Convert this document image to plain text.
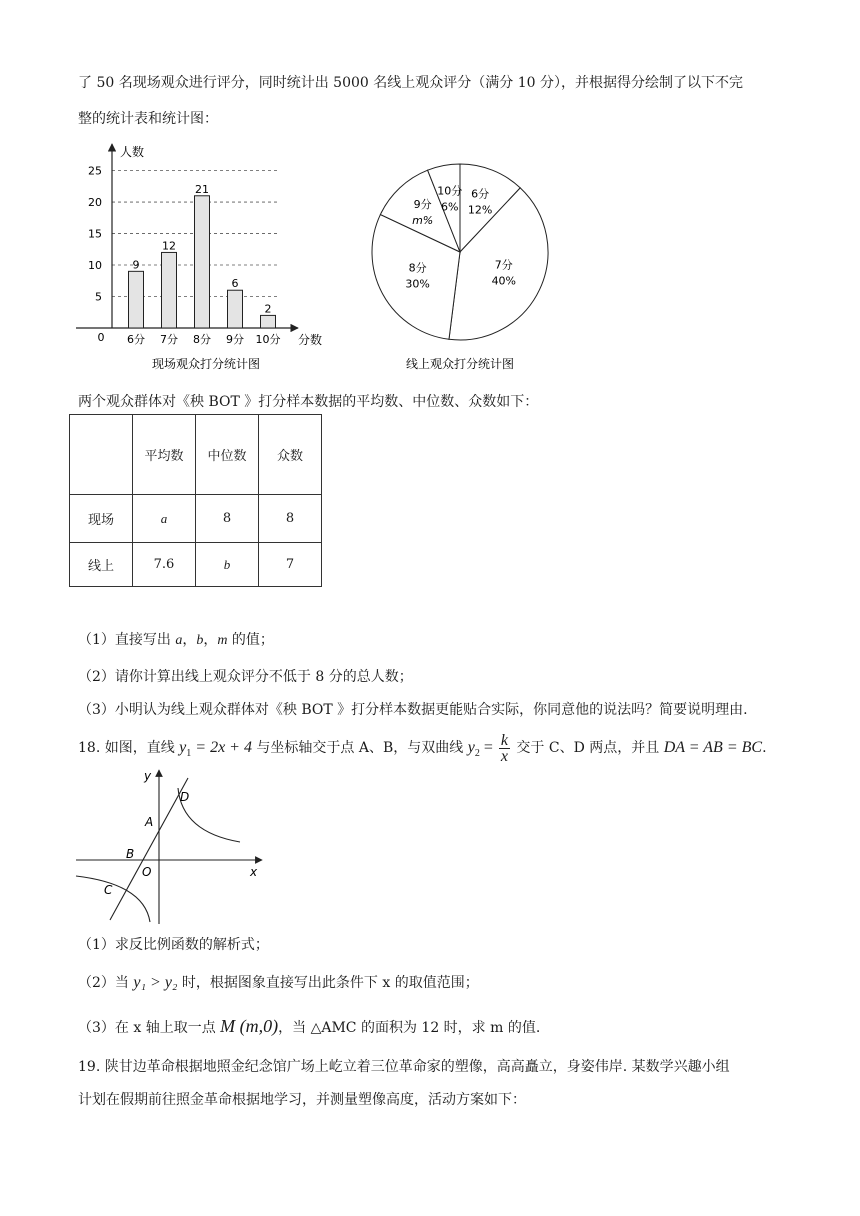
了 50 名现场观众进行评分，同时统计出 5000 名线上观众评分（满分 10 分），并根据得分绘制了以下不完
整的统计表和统计图：
人数
分数
0
5
10
15
20
25
9
12
21
6
2
6分 7分 8分 9分 10分
现场观众打分统计图
6分
12%
7分
40%
8分
30%
9分
m%
10分
6%
线上观众打分统计图
两个观众群体对《秧 BOT 》打分样本数据的平均数、中位数、众数如下：
	平均数	中位数	众数
现场	a	8	8
线上	7.6	b	7
（1）直接写出 a，b，m 的值；
（2）请你计算出线上观众评分不低于 8 分的总人数；
（3）小明认为线上观众群体对《秧 BOT 》打分样本数据更能贴合实际，你同意他的说法吗？简要说明理由.
18. 如图，直线 $y_1 = 2x + 4$ 与坐标轴交于点 A、B，与双曲线 $y_2 = \frac{k}{x}$ 交于 C、D 两点，并且 DA = AB = BC.
y
x
D
A
B
O
C
（1）求反比例函数的解析式；
（2）当 y₁ > y₂ 时，根据图象直接写出此条件下 x 的取值范围；
（3）在 x 轴上取一点 M (m,0)，当 △AMC 的面积为 12 时，求 m 的值.
19. 陕甘边革命根据地照金纪念馆广场上屹立着三位革命家的塑像，高高矗立，身姿伟岸. 某数学兴趣小组
计划在假期前往照金革命根据地学习，并测量塑像高度，活动方案如下：
